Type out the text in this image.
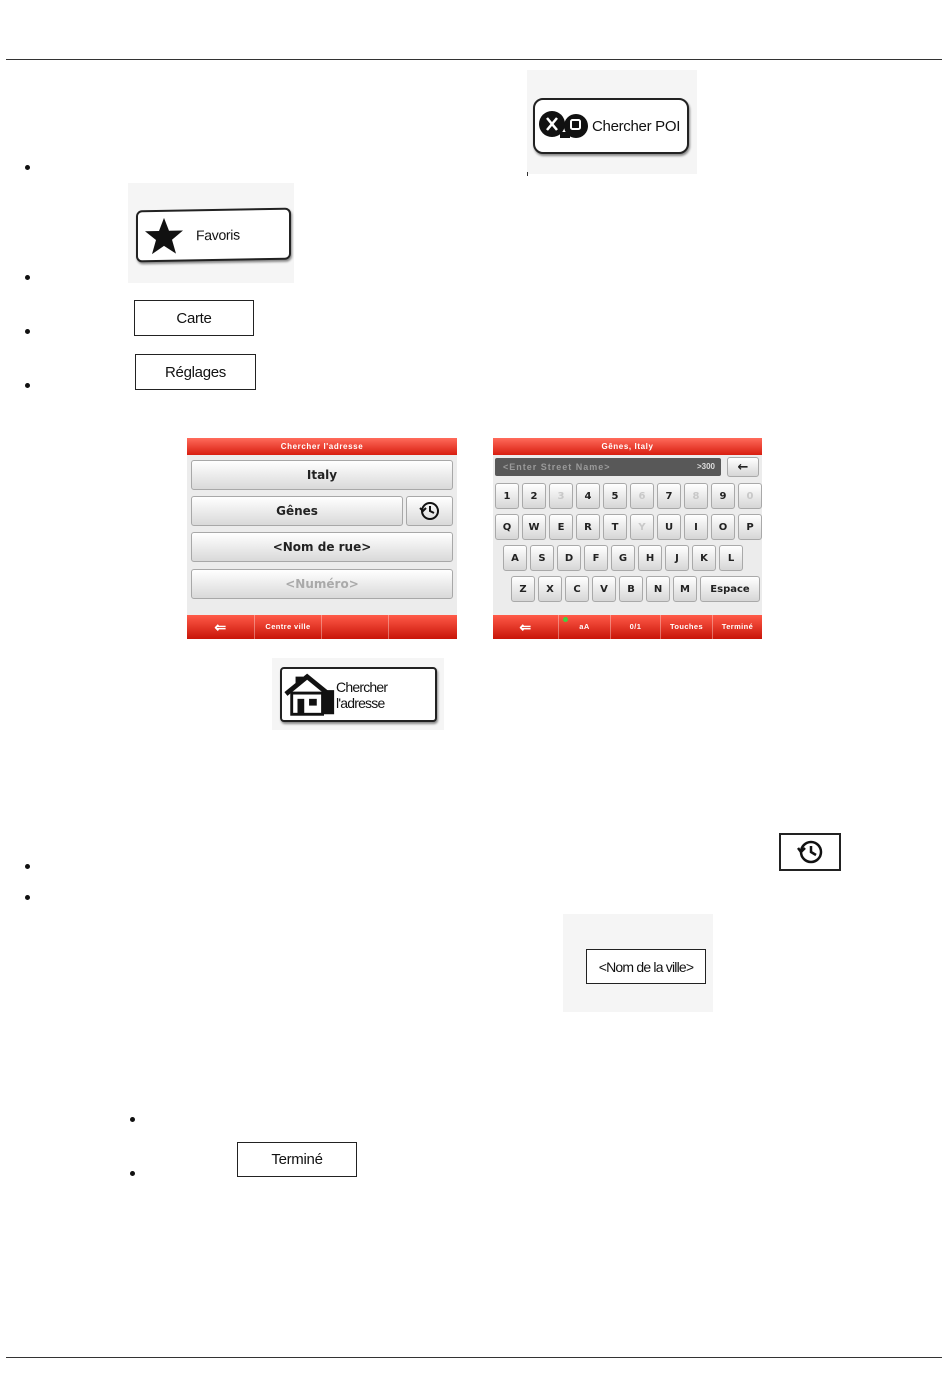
Chercher POI
Favoris
Carte
Réglages
Chercher l'adresse
Italy
Gênes
<Nom de rue>
<Numéro>
⇐	Centre ville
Gênes, Italy
<Enter Street Name>	>300	←
1	2	3	4	5	6	7	8	9	0
Q	W	E	R	T	Y	U	I	O	P
A	S	D	F	G	H	J	K	L
Z	X	C	V	B	N	M	Espace
⇐	aA	0/1	Touches	Terminé
Chercher l'adresse
<Nom de la ville>
Terminé
